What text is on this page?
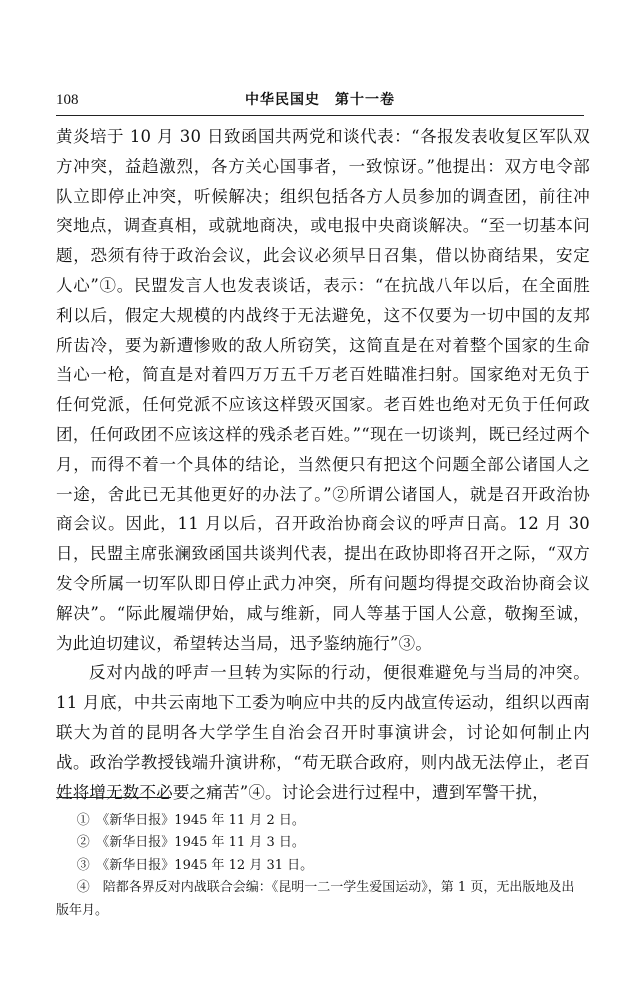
108	中华民国史　第十一卷

黄炎培于 10 月 30 日致函国共两党和谈代表：“各报发表收复区军队双方冲突，益趋激烈，各方关心国事者，一致惊讶。”他提出：双方电令部队立即停止冲突，听候解决；组织包括各方人员参加的调查团，前往冲突地点，调查真相，或就地商决，或电报中央商谈解决。“至一切基本问题，恐须有待于政治会议，此会议必须早日召集，借以协商结果，安定人心”①。民盟发言人也发表谈话，表示：“在抗战八年以后，在全面胜利以后，假定大规模的内战终于无法避免，这不仅要为一切中国的友邦所齿冷，要为新遭惨败的敌人所窃笑，这简直是在对着整个国家的生命当心一枪，简直是对着四万万五千万老百姓瞄准扫射。国家绝对无负于任何党派，任何党派不应该这样毁灭国家。老百姓也绝对无负于任何政团，任何政团不应该这样的残杀老百姓。”“现在一切谈判，既已经过两个月，而得不着一个具体的结论，当然便只有把这个问题全部公诸国人之一途，舍此已无其他更好的办法了。”②所谓公诸国人，就是召开政治协商会议。因此，11 月以后，召开政治协商会议的呼声日高。12 月 30 日，民盟主席张澜致函国共谈判代表，提出在政协即将召开之际，“双方发令所属一切军队即日停止武力冲突，所有问题均得提交政治协商会议解决”。“际此履端伊始，咸与维新，同人等基于国人公意，敬掬至诚，为此迫切建议，希望转达当局，迅予鉴纳施行”③。

反对内战的呼声一旦转为实际的行动，便很难避免与当局的冲突。11 月底，中共云南地下工委为响应中共的反内战宣传运动，组织以西南联大为首的昆明各大学学生自治会召开时事演讲会，讨论如何制止内战。政治学教授钱端升演讲称，“苟无联合政府，则内战无法停止，老百姓将增无数不必要之痛苦”④。讨论会进行过程中，遭到军警干扰，

①　《新华日报》1945 年 11 月 2 日。

②　《新华日报》1945 年 11 月 3 日。

③　《新华日报》1945 年 12 月 31 日。

④　陪都各界反对内战联合会编：《昆明一二一学生爱国运动》，第 1 页，无出版地及出版年月。
